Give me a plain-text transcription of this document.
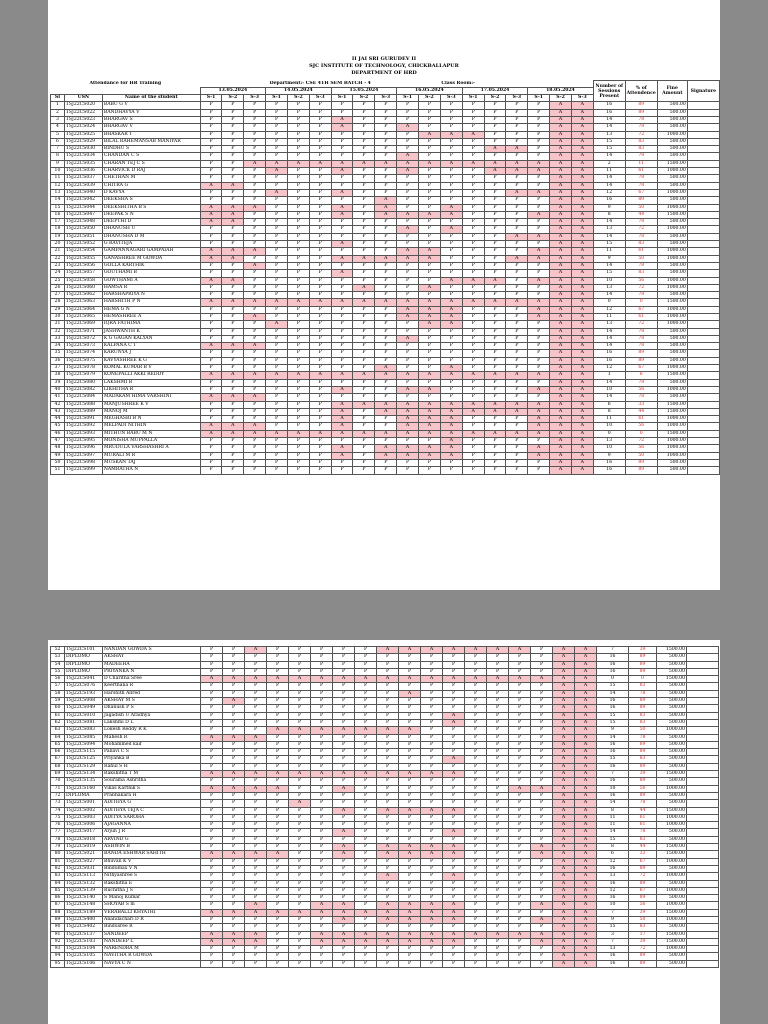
II JAI SRI GURUDEV II
SJC INSTITUTE OF TECHNOLOGY, CHICKBALLAPUR
DEPARTMENT OF HRD
Attendance for HR Training			Department:- CSE 4TH SEM BATCH - 4											Class Room:-							Number of Sessions Present	% of Attendence	Fine Amount	Signature
			13.05.2024			14.05.2024			15.05.2024			16.05.2024			17.05.2024			18.05.2024						
Sl	USN	Name of the student	S-1	S-2	S-3	S-1	S-2	S-3	S-1	S-2	S-3	S-1	S-2	S-3	S-1	S-2	S-3	S-1	S-2	S-3				
1	1SJ22CS020	BABU G V	P	P	P	P	P	P	P	P	P	P	P	P	P	P	P	P	A	A	16	89	500.00	
2	1SJ22CS022	BANDHAVYA V	P	P	P	P	P	P	P	P	P	P	P	P	P	P	P	P	A	A	16	89	500.00	
3	1SJ22CS023	BHARGAV S	P	P	P	P	P	P	A	P	P	P	P	P	P	P	P	P	A	A	14	78	500.00	
4	1SJ22CS024	BHARGAV V	P	P	P	P	P	P	A	P	P	A	P	P	P	P	P	P	A	A	14	78	500.00	
5	1SJ22CS025	BHASKAR T	P	P	P	P	P	P	P	P	P	P	A	A	A	P	P	P	A	A	13	72	1000.00	
6	1SJ22CS029	BILAL RAHEMANSAB MANIYAR	P	P	P	P	P	P	P	P	P	P	P	P	P	P	P	P	A	A	15	83	500.00	
7	1SJ22CS030	BINDHU S	P	P	P	P	P	P	P	P	P	P	P	P	P	A	A	P	A	A	15	83	500.00	
8	1SJ22CS034	CHANDAN C S	P	P	P	P	P	P	P	P	P	A	P	P	P	P	P	P	A	A	14	78	500.00	
9	1SJ22CS035	CHARAN TEJ C S	P	P	A	A	A	A	A	A	A	A	A	A	A	A	A	A	A	A	2	11	1500.00	
10	1SJ22CS036	CHARVICK D RAJ	P	P	P	A	P	P	A	P	P	A	P	P	P	A	A	A	A	A	11	61	1000.00	
11	1SJ22CS037	CHETHAN M	P	P	P	P	P	P	P	P	P	P	P	P	P	P	P	P	A	A	14	78	500.00	
12	1SJ22CS039	CHITRA G	A	A	P	P	P	P	P	P	P	P	P	P	P	P	P	P	A	A	14	78	500.00	
13	1SJ22CS040	D KAVYA	P	P	P	A	P	P	A	P	P	P	P	P	P	P	A	A	A	A	12	67	1000.00	
14	1SJ22CS042	DEEKSHA S	P	P	P	P	P	P	P	P	A	P	P	P	P	P	P	P	A	A	16	89	500.00	
15	1SJ22CS044	DEEKSHITHA B S	A	A	A	P	P	P	A	P	A	P	P	A	P	P	P	P	A	A	9	50	1000.00	
16	1SJ22CS047	DEEPAK S N	A	A	P	P	P	P	A	P	A	A	A	A	P	P	P	A	A	A	8	44	1500.00	
17	1SJ22CS048	DEEPTHI D	A	A	P	P	P	P	P	P	P	P	P	P	P	P	P	P	A	A	14	78	500.00	
18	1SJ22CS050	DHANUSH U	P	P	P	P	P	P	P	P	P	A	P	A	P	P	P	P	A	A	13	72	1000.00	
19	1SJ22CS051	DHANUSHA D M	P	P	P	P	P	P	P	P	P	P	P	P	P	P	A	A	A	A	14	78	500.00	
20	1SJ22CS052	G RAVITEJA	P	P	P	P	P	P	A	P	P	P	P	P	P	P	P	P	A	A	15	83	500.00	
21	1SJ22CS054	GAMPANNAGARI GAMPAIAH	A	A	A	P	P	P	P	P	P	A	A	P	P	P	P	A	A	A	11	61	1000.00	
22	1SJ22CS055	GANASHREE M GOWDA	A	A	P	P	P	P	A	A	A	A	A	P	P	P	A	A	A	A	9	50	1000.00	
23	1SJ22CS056	GOLLA KARTHIK	P	P	A	P	P	P	P	P	P	P	P	P	P	P	P	P	A	A	14	78	500.00	
24	1SJ22CS057	GOUTHAMI B	P	P	P	P	P	P	A	P	P	P	P	P	P	P	P	P	A	A	15	83	500.00	
25	1SJ22CS058	GOWTHAMI A	A	A	P	P	P	P	P	P	P	P	P	A	A	A	P	A	A	A	10	56	1000.00	
26	1SJ22CS060	HAMSA R	P	P	P	P	P	P	P	A	P	P	A	P	P	P	P	P	A	A	13	72	1000.00	
27	1SJ22CS062	HARSHAPRIYA N	P	P	P	P	P	P	P	P	P	P	P	P	P	P	P	P	A	A	14	78	500.00	
28	1SJ22CS063	HARSHITH P N	A	A	A	A	A	A	A	A	A	A	A	A	A	A	A	A	A	A	0	0	1500.00	
29	1SJ22CS064	HEMA G N	P	P	P	P	P	P	P	P	P	A	A	A	P	P	P	A	A	A	12	67	1000.00	
30	1SJ22CS065	HEMASHREE A	P	P	A	P	P	P	P	P	P	A	A	A	P	P	P	A	A	A	11	61	1000.00	
31	1SJ22CS069	IQRA FATHIMA	P	P	P	A	P	P	P	P	P	P	A	A	P	P	P	P	A	A	13	72	1000.00	
32	1SJ22CS071	JASHWANTH K	P	P	P	P	P	P	P	P	P	P	P	P	P	P	P	P	A	A	14	78	500.00	
33	1SJ22CS072	K G GAGAN KALYAN	P	P	P	P	P	P	P	P	P	A	P	P	P	P	P	P	A	A	14	78	500.00	
34	1SJ22CS073	KALPANA C T	A	A	A	P	P	P	P	P	P	P	P	P	P	P	P	P	A	A	14	78	500.00	
35	1SJ22CS074	KARUNYA J	P	P	P	P	P	P	P	P	P	P	P	P	P	P	P	P	A	A	16	89	500.00	
36	1SJ22CS075	KAVYASHREE K G	P	P	P	P	P	P	P	P	P	P	P	P	P	P	P	P	A	A	16	89	500.00	
37	1SJ22CS078	KOMAL KUMAR B V	P	P	P	P	P	P	P	P	A	P	P	A	P	P	P	P	A	A	12	67	1000.00	
38	1SJ22CS079	KONEPALLI AKKI REDDY	A	A	A	A	A	A	A	A	A	A	A	A	A	A	A	A	A	A	1	6	1500.00	
39	1SJ22CS080	LAKSHMI B	P	P	P	P	P	P	P	P	P	P	P	P	P	P	P	P	A	A	14	78	500.00	
40	1SJ22CS082	LIKHITHA R	P	P	P	P	P	P	A	P	P	A	A	P	P	P	P	A	A	A	10	56	1000.00	
41	1SJ22CS084	MADAKAM HIMA VARSHINI	A	A	A	P	P	P	P	P	P	P	P	P	P	P	P	P	A	A	14	78	500.00	
42	1SJ22CS088	MANJUSHREE K V	P	P	P	P	P	P	A	A	A	A	A	A	A	A	A	A	A	A	6	33	1500.00	
43	1SJ22CS089	MANOJ M	P	P	P	P	P	P	A	P	A	A	A	A	A	A	A	A	A	A	8	44	1500.00	
44	1SJ22CS091	MEGHASRI B N	P	P	P	P	P	P	A	P	P	A	A	A	P	P	P	A	A	A	11	61	1000.00	
45	1SJ22CS092	MELPADI NITHIN	A	A	A	P	P	P	A	P	P	A	A	A	P	P	P	A	A	A	10	56	1000.00	
46	1SJ22CS093	MITHUN BABU M N	A	A	A	A	A	A	A	A	A	A	A	A	A	A	A	A	A	A	0	0	1500.00	
47	1SJ22CS095	MONISHA MUPPALLA	P	P	P	P	P	P	P	P	P	P	P	A	P	P	P	P	A	A	13	72	1000.00	
48	1SJ22CS096	MRUDULA VARSHASHRI A	P	P	P	P	P	P	A	P	A	A	A	A	P	P	P	A	A	A	10	56	1000.00	
49	1SJ22CS097	MURALI M R	P	P	P	P	P	P	A	P	A	A	A	A	P	P	P	A	A	A	9	50	1000.00	
50	1SJ22CS098	MUSKAN TAJ	P	P	P	P	P	P	P	P	P	P	P	P	P	P	P	P	A	A	16	89	500.00	
51	1SJ22CS099	NAMRATHA N	P	P	P	P	P	P	P	P	P	P	P	P	P	P	P	P	A	A	16	89	500.00	
52	1SJ22CS101	NANDAN GOWDA S	P	P	A	P	P	P	P	P	A	A	A	A	A	A	A	P	A	A	7	39	1500.00	
53	DIPLOMO	AKSHAY	P	P	P	P	P	P	P	P	P	P	P	P	P	P	P	P	A	A	16	89	500.00	
54	DIPLOMO	MADEEHA	P	P	P	P	P	P	P	P	P	P	P	P	P	P	P	P	A	A	16	89	500.00	
55	DIPLOMO	PRIYANKA N	P	P	P	P	P	P	P	P	P	P	P	P	P	P	P	P	A	A	16	89	500.00	
56	1SJ22CS041	D Charitha Sree	A	A	A	A	A	A	A	A	A	A	A	A	A	A	A	A	A	A	0	0	1500.00	
57	1SJ22CS076	Keerthana R	P	P	P	P	P	P	P	P	P	P	P	P	P	P	P	P	A	A	15	83	500.00	
58	1SJ22CS193	Harshith Allred	P	P	P	P	P	P	P	P	P	A	P	P	P	P	P	P	A	A	14	78	500.00	
59	1SJ22CS008	AKSHAY M S	P	A	P	P	P	P	P	P	P	P	P	P	P	P	P	P	A	A	16	89	500.00	
60	1SJ22CS049	Dhanush P S	P	P	P	P	P	P	P	P	P	P	P	P	P	P	P	P	A	A	16	89	500.00	
61	1SJ22CS010	Jagadish U Aradhya	P	P	P	P	P	P	P	P	P	P	P	A	P	P	P	P	A	A	15	83	500.00	
62	1SJ22CS081	Lakshmi D L	P	P	P	P	P	P	P	P	P	P	P	A	P	P	P	P	A	A	15	83	500.00	
63	1SJ22CS083	Lokesh Reddy R K	P	P	P	A	A	A	A	A	A	A	P	P	P	P	P	P	A	A	9	50	1000.00	
64	1SJ22CS085	Mahesh R	A	A	A	P	P	P	P	P	P	P	P	P	P	P	P	P	A	A	14	78	500.00	
65	1SJ22CS094	Mohammed kaif	P	P	P	P	P	P	P	P	P	P	P	P	P	P	P	P	A	A	16	89	500.00	
66	1SJ22CS115	Pallavi C S	P	P	P	P	P	P	P	P	P	P	P	P	P	P	P	P	A	A	16	89	500.00	
67	1SJ22CS125	Priyanka B	P	P	P	P	P	P	P	P	P	P	P	A	P	P	P	P	A	A	15	83	500.00	
68	1SJ22CS129	Rahul S H	P	P	P	P	P	P	P	P	P	P	P	P	P	P	P	P	A	A	16	89	500.00	
69	1SJ22CS134	Rakshitha T M	A	A	A	A	A	A	A	A	A	A	A	A	P	P	P	P	A	A	7	39	1500.00	
70	1SJ22CS135	Sourama Ashritha	P	P	P	P	P	P	P	P	P	P	P	P	P	P	P	P	A	A	16	89	500.00	
71	1SJ22CS160	Vikas Karthik S	A	A	A	A	P	P	A	P	P	P	P	P	P	P	A	A	A	A	10	56	1000.00	
72	DIPLOMA	Prabhakara H	P	P	P	P	P	P	P	P	P	P	P	P	P	P	P	P	A	A	16	89	500.00	
73	1SJ22CS001	ADITHYA G	P	P	P	P	A	P	P	P	P	P	P	P	P	P	P	P	A	A	14	78	500.00	
74	1SJ22CS002	ADITHYA TEJA C	P	P	P	P	P	P	A	P	A	A	A	A	P	P	P	P	A	A	8	44	1500.00	
75	1SJ22CS003	ADITYA SAROHA	P	P	P	P	P	P	P	P	P	P	P	P	P	P	P	P	A	A	11	61	1000.00	
76	1SJ22CS006	AJAGANNA	P	P	P	P	P	P	P	P	P	P	P	P	P	P	P	P	A	A	11	61	1000.00	
77	1SJ22CS017	Arjun J R	P	P	P	P	P	P	A	P	P	P	P	A	P	P	P	P	A	A	14	78	500.00	
78	1SJ22CS018	ARVIND G	P	P	P	P	P	P	P	P	P	P	P	P	P	P	P	P	A	A	15	83	500.00	
79	1SJ22CS019	ASHWIN B	P	P	P	P	P	P	A	P	A	A	A	A	P	P	P	A	A	A	8	44	1500.00	
80	1SJ22CS021	BANDA ESHWAR SAHITH	A	A	A	A	P	P	A	P	A	A	A	A	P	P	P	A	A	A	6	33	1500.00	
81	1SJ22CS027	Bhuvan K V	P	P	P	P	P	P	P	P	P	P	P	P	P	P	P	P	A	A	12	67	1000.00	
82	1SJ22CS031	Bindumax V N	P	P	P	P	P	P	P	P	P	P	P	P	P	P	P	P	A	A	16	89	500.00	
83	1SJ22CS113	Nithyashree S	P	P	P	P	P	P	P	P	A	P	P	A	P	P	P	P	A	A	13	72	1000.00	
84	1SJ22CS132	Rakshitha E	P	P	P	P	P	P	P	P	P	P	P	P	P	P	P	P	A	A	16	89	500.00	
85	1SJ22CS139	Ruchitha J S	P	P	P	P	P	P	P	P	P	P	P	P	P	P	P	P	A	A	12	67	1000.00	
86	1SJ22CS140	S Manoj Kumar	P	P	P	P	P	P	P	P	P	P	P	P	P	P	P	P	A	A	16	89	500.00	
87	1SJ22CS148	SHOYAB S m	P	P	A	P	P	A	A	P	A	A	A	A	P	P	P	A	A	A	10	56	1000.00	
88	1SJ22CS189	VERABALLI KHYATHI	A	A	A	A	A	A	A	A	A	A	A	A	P	P	P	P	A	A	7	39	1500.00	
89	1SJ22CS400	Anandachari D R	P	P	P	P	P	P	A	P	A	A	A	A	P	P	P	A	A	A	9	50	1000.00	
90	1SJ22CS402	Bindusree R	P	P	P	P	P	P	P	P	P	P	P	P	P	P	P	P	A	A	15	83	500.00	
91	1SJ22CS137	SANDEEP	A	A	A	P	P	A	A	A	A	A	A	A	A	A	A	A	A	A	3	17	1500.00	
92	1SJ22CS103	NANDEEP L	A	A	A	P	P	A	A	A	A	A	A	A	P	P	P	A	A	A	7	39	1500.00	
93	1SJ22CS104	NARENDRA M	P	P	P	P	P	P	P	P	P	P	P	P	P	P	P	P	A	A	13	72	1000.00	
94	1SJ22CS105	NAVITHA R GOWDA	P	P	P	P	P	P	P	P	P	P	P	P	P	P	P	P	A	A	16	89	500.00	
95	1SJ22CS106	NAVYA C N	P	P	P	P	P	P	P	P	P	P	P	P	P	P	P	P	A	A	16	89	500.00	
